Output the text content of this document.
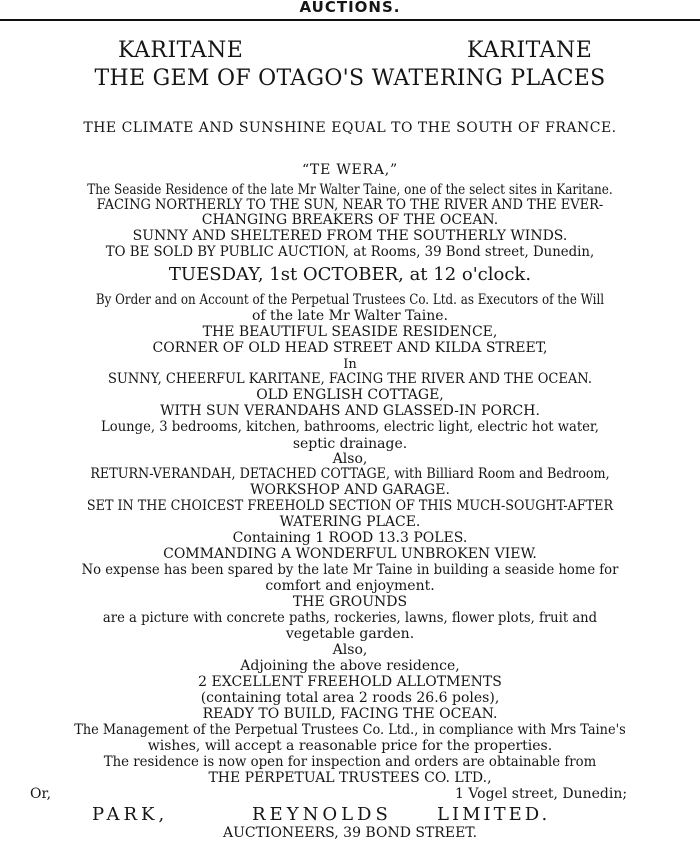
AUCTIONS.
KARITANE	KARITANE
THE GEM OF OTAGO'S WATERING PLACES
THE CLIMATE AND SUNSHINE EQUAL TO THE SOUTH OF FRANCE.
“TE WERA,”
The Seaside Residence of the late Mr Walter Taine, one of the select sites in Karitane.
FACING NORTHERLY TO THE SUN, NEAR TO THE RIVER AND THE EVER-
CHANGING BREAKERS OF THE OCEAN.
SUNNY AND SHELTERED FROM THE SOUTHERLY WINDS.
TO BE SOLD BY PUBLIC AUCTION, at Rooms, 39 Bond street, Dunedin,
TUESDAY, 1st OCTOBER, at 12 o'clock.
By Order and on Account of the Perpetual Trustees Co. Ltd. as Executors of the Will
of the late Mr Walter Taine.
THE BEAUTIFUL SEASIDE RESIDENCE,
CORNER OF OLD HEAD STREET AND KILDA STREET,
In
SUNNY, CHEERFUL KARITANE, FACING THE RIVER AND THE OCEAN.
OLD ENGLISH COTTAGE,
WITH SUN VERANDAHS AND GLASSED-IN PORCH.
Lounge, 3 bedrooms, kitchen, bathrooms, electric light, electric hot water,
septic drainage.
Also,
RETURN-VERANDAH, DETACHED COTTAGE, with Billiard Room and Bedroom,
WORKSHOP AND GARAGE.
SET IN THE CHOICEST FREEHOLD SECTION OF THIS MUCH-SOUGHT-AFTER
WATERING PLACE.
Containing 1 ROOD 13.3 POLES.
COMMANDING A WONDERFUL UNBROKEN VIEW.
No expense has been spared by the late Mr Taine in building a seaside home for
comfort and enjoyment.
THE GROUNDS
are a picture with concrete paths, rockeries, lawns, flower plots, fruit and
vegetable garden.
Also,
Adjoining the above residence,
2 EXCELLENT FREEHOLD ALLOTMENTS
(containing total area 2 roods 26.6 poles),
READY TO BUILD, FACING THE OCEAN.
The Management of the Perpetual Trustees Co. Ltd., in compliance with Mrs Taine's
wishes, will accept a reasonable price for the properties.
The residence is now open for inspection and orders are obtainable from
THE PERPETUAL TRUSTEES CO. LTD.,
Or,	1 Vogel street, Dunedin;
PARK,	REYNOLDS	LIMITED.
AUCTIONEERS, 39 BOND STREET.
